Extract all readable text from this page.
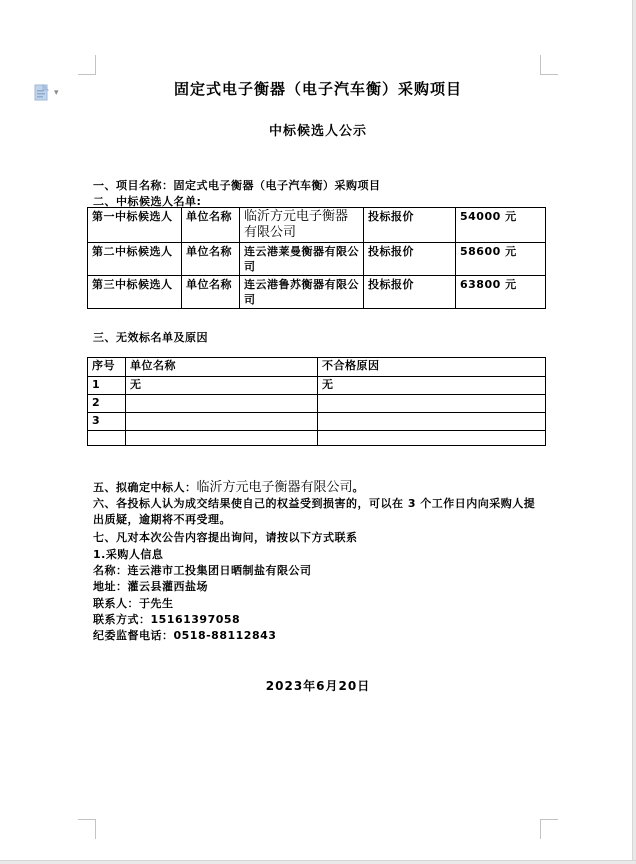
▾	固定式电子衡器（电子汽车衡）采购项目
中标候选人公示
一、项目名称：固定式电子衡器（电子汽车衡）采购项目
二、中标候选人名单:
第一中标候选人	单位名称	临沂方元电子衡器有限公司	投标报价	54000 元
第二中标候选人	单位名称	连云港莱曼衡器有限公司	投标报价	58600 元
第三中标候选人	单位名称	连云港鲁苏衡器有限公司	投标报价	63800 元
三、无效标名单及原因
序号	单位名称	不合格原因
1	无	无
2		
3		

五、拟确定中标人：临沂方元电子衡器有限公司。
六、各投标人认为成交结果使自己的权益受到损害的，可以在 3 个工作日内向采购人提出质疑，逾期将不再受理。
七、凡对本次公告内容提出询问，请按以下方式联系
1.采购人信息
名称：连云港市工投集团日晒制盐有限公司
地址：灌云县灌西盐场
联系人：于先生
联系方式：15161397058
纪委监督电话：0518-88112843
2023年6月20日
